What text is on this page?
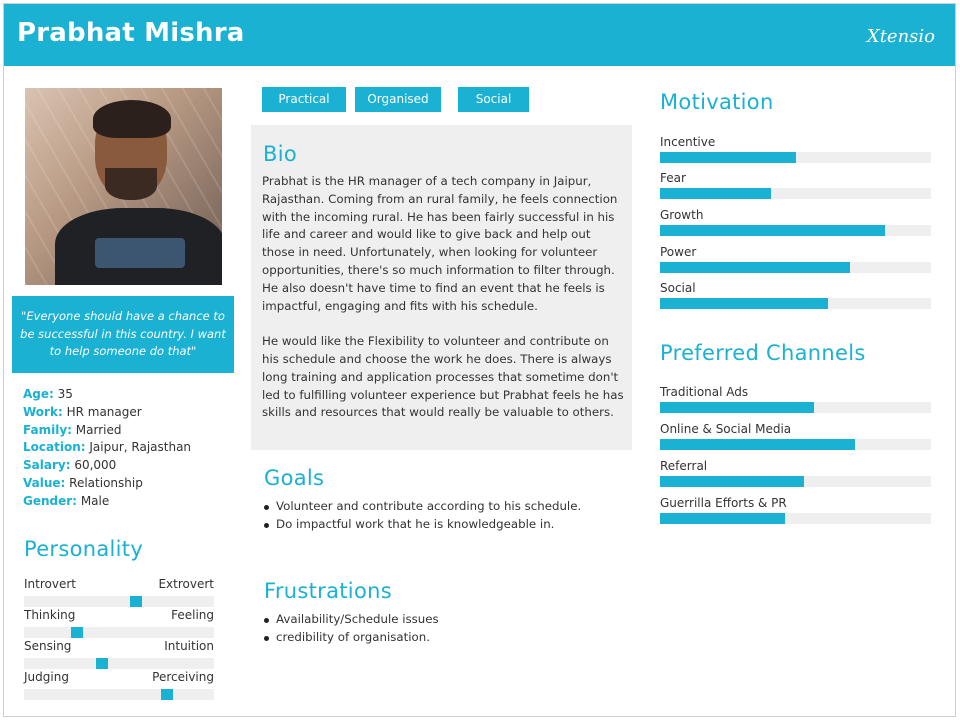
Prabhat Mishra	Xtensio
"Everyone should have a chance to be successful in this country. I want to help someone do that"
Age: 35
Work: HR manager
Family: Married
Location: Jaipur, Rajasthan
Salary: 60,000
Value: Relationship
Gender: Male
Personality
Introvert	Extrovert
Thinking	Feeling
Sensing	Intuition
Judging	Perceiving
Practical	Organised	Social
Bio

Prabhat is the HR manager of a tech company in Jaipur, Rajasthan. Coming from an rural family, he feels connection with the incoming rural. He has been fairly successful in his life and career and would like to give back and help out those in need. Unfortunately, when looking for volunteer opportunities, there's so much information to filter through. He also doesn't have time to find an event that he feels is impactful, engaging and fits with his schedule.

He would like the Flexibility to volunteer and contribute on his schedule and choose the work he does. There is always long training and application processes that sometime don't led to fulfilling volunteer experience but Prabhat feels he has skills and resources that would really be valuable to others.

Goals
Volunteer and contribute according to his schedule.
Do impactful work that he is knowledgeable in.
Frustrations
Availability/Schedule issues
credibility of organisation.
Motivation
Incentive
Fear
Growth
Power
Social
Preferred Channels
Traditional Ads
Online & Social Media
Referral
Guerrilla Efforts & PR
